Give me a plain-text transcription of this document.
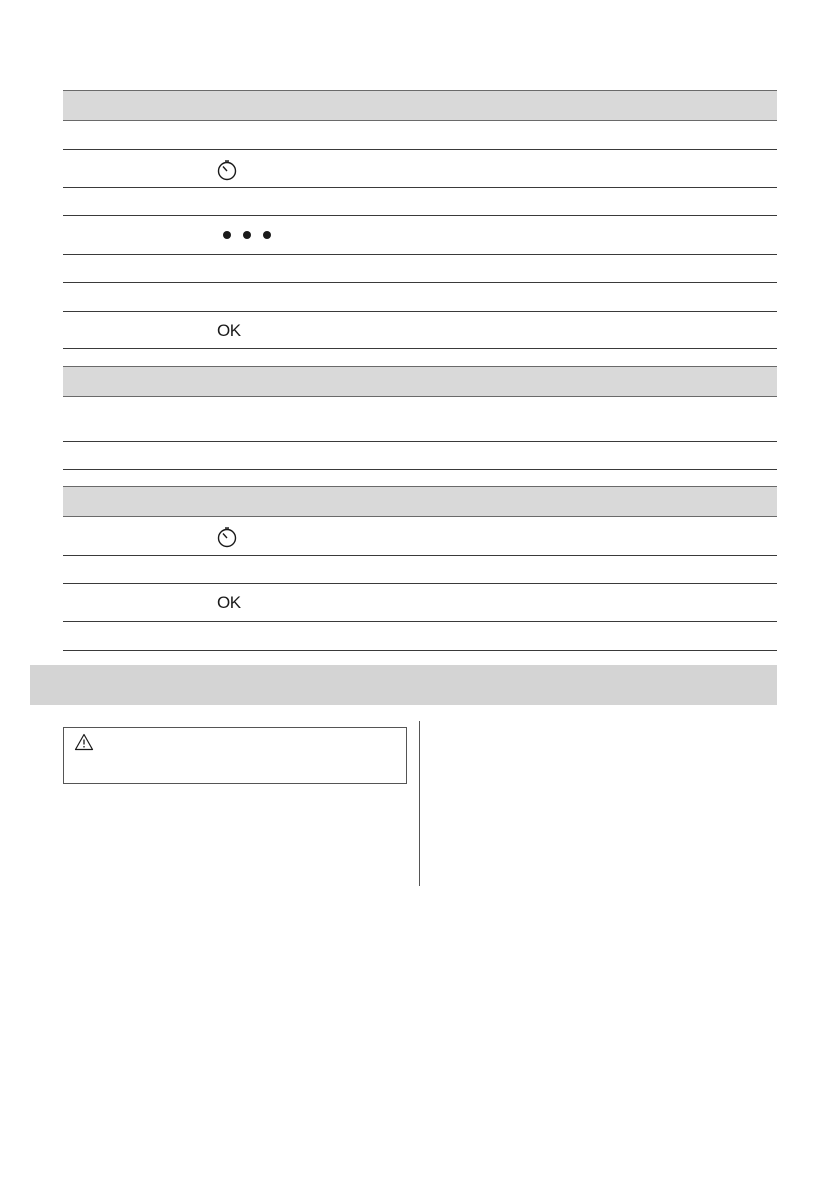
OK
OK
